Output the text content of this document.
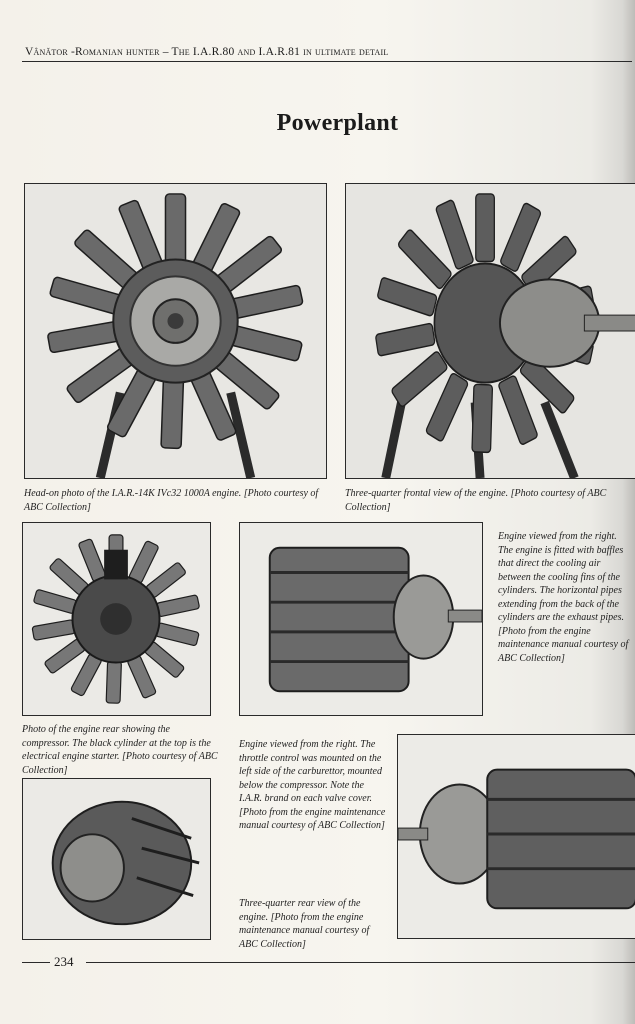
Vânător -Romanian hunter – The I.A.R.80 and I.A.R.81 in ultimate detail
Powerplant
Head-on photo of the I.A.R.-14K IVc32 1000A engine. [Photo courtesy of ABC Collection]
Three-quarter frontal view of the engine. [Photo courtesy of ABC Collection]
Engine viewed from the right. The engine is fitted with baffles that direct the cooling air between the cooling fins of the cylinders. The horizontal pipes extending from the back of the cylinders are the exhaust pipes. [Photo from the engine maintenance manual courtesy of ABC Collection]
Photo of the engine rear showing the compressor. The black cylinder at the top is the electrical engine starter. [Photo courtesy of ABC Collection]
Engine viewed from the right. The throttle control was mounted on the left side of the carburettor, mounted below the compressor. Note the I.A.R. brand on each valve cover. [Photo from the engine maintenance manual courtesy of ABC Collection]
Three-quarter rear view of the engine. [Photo from the engine maintenance manual courtesy of ABC Collection]
234
